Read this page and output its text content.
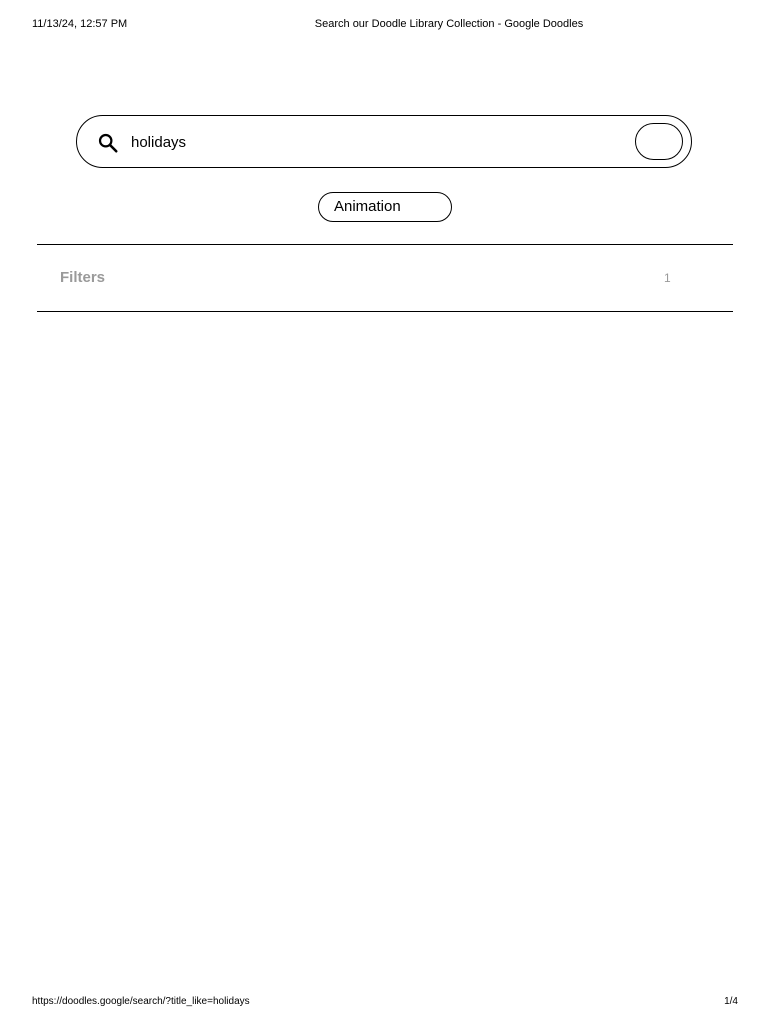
11/13/24, 12:57 PM	Search our Doodle Library Collection - Google Doodles
holidays
Animation
Filters	1
https://doodles.google/search/?title_like=holidays	1/4
